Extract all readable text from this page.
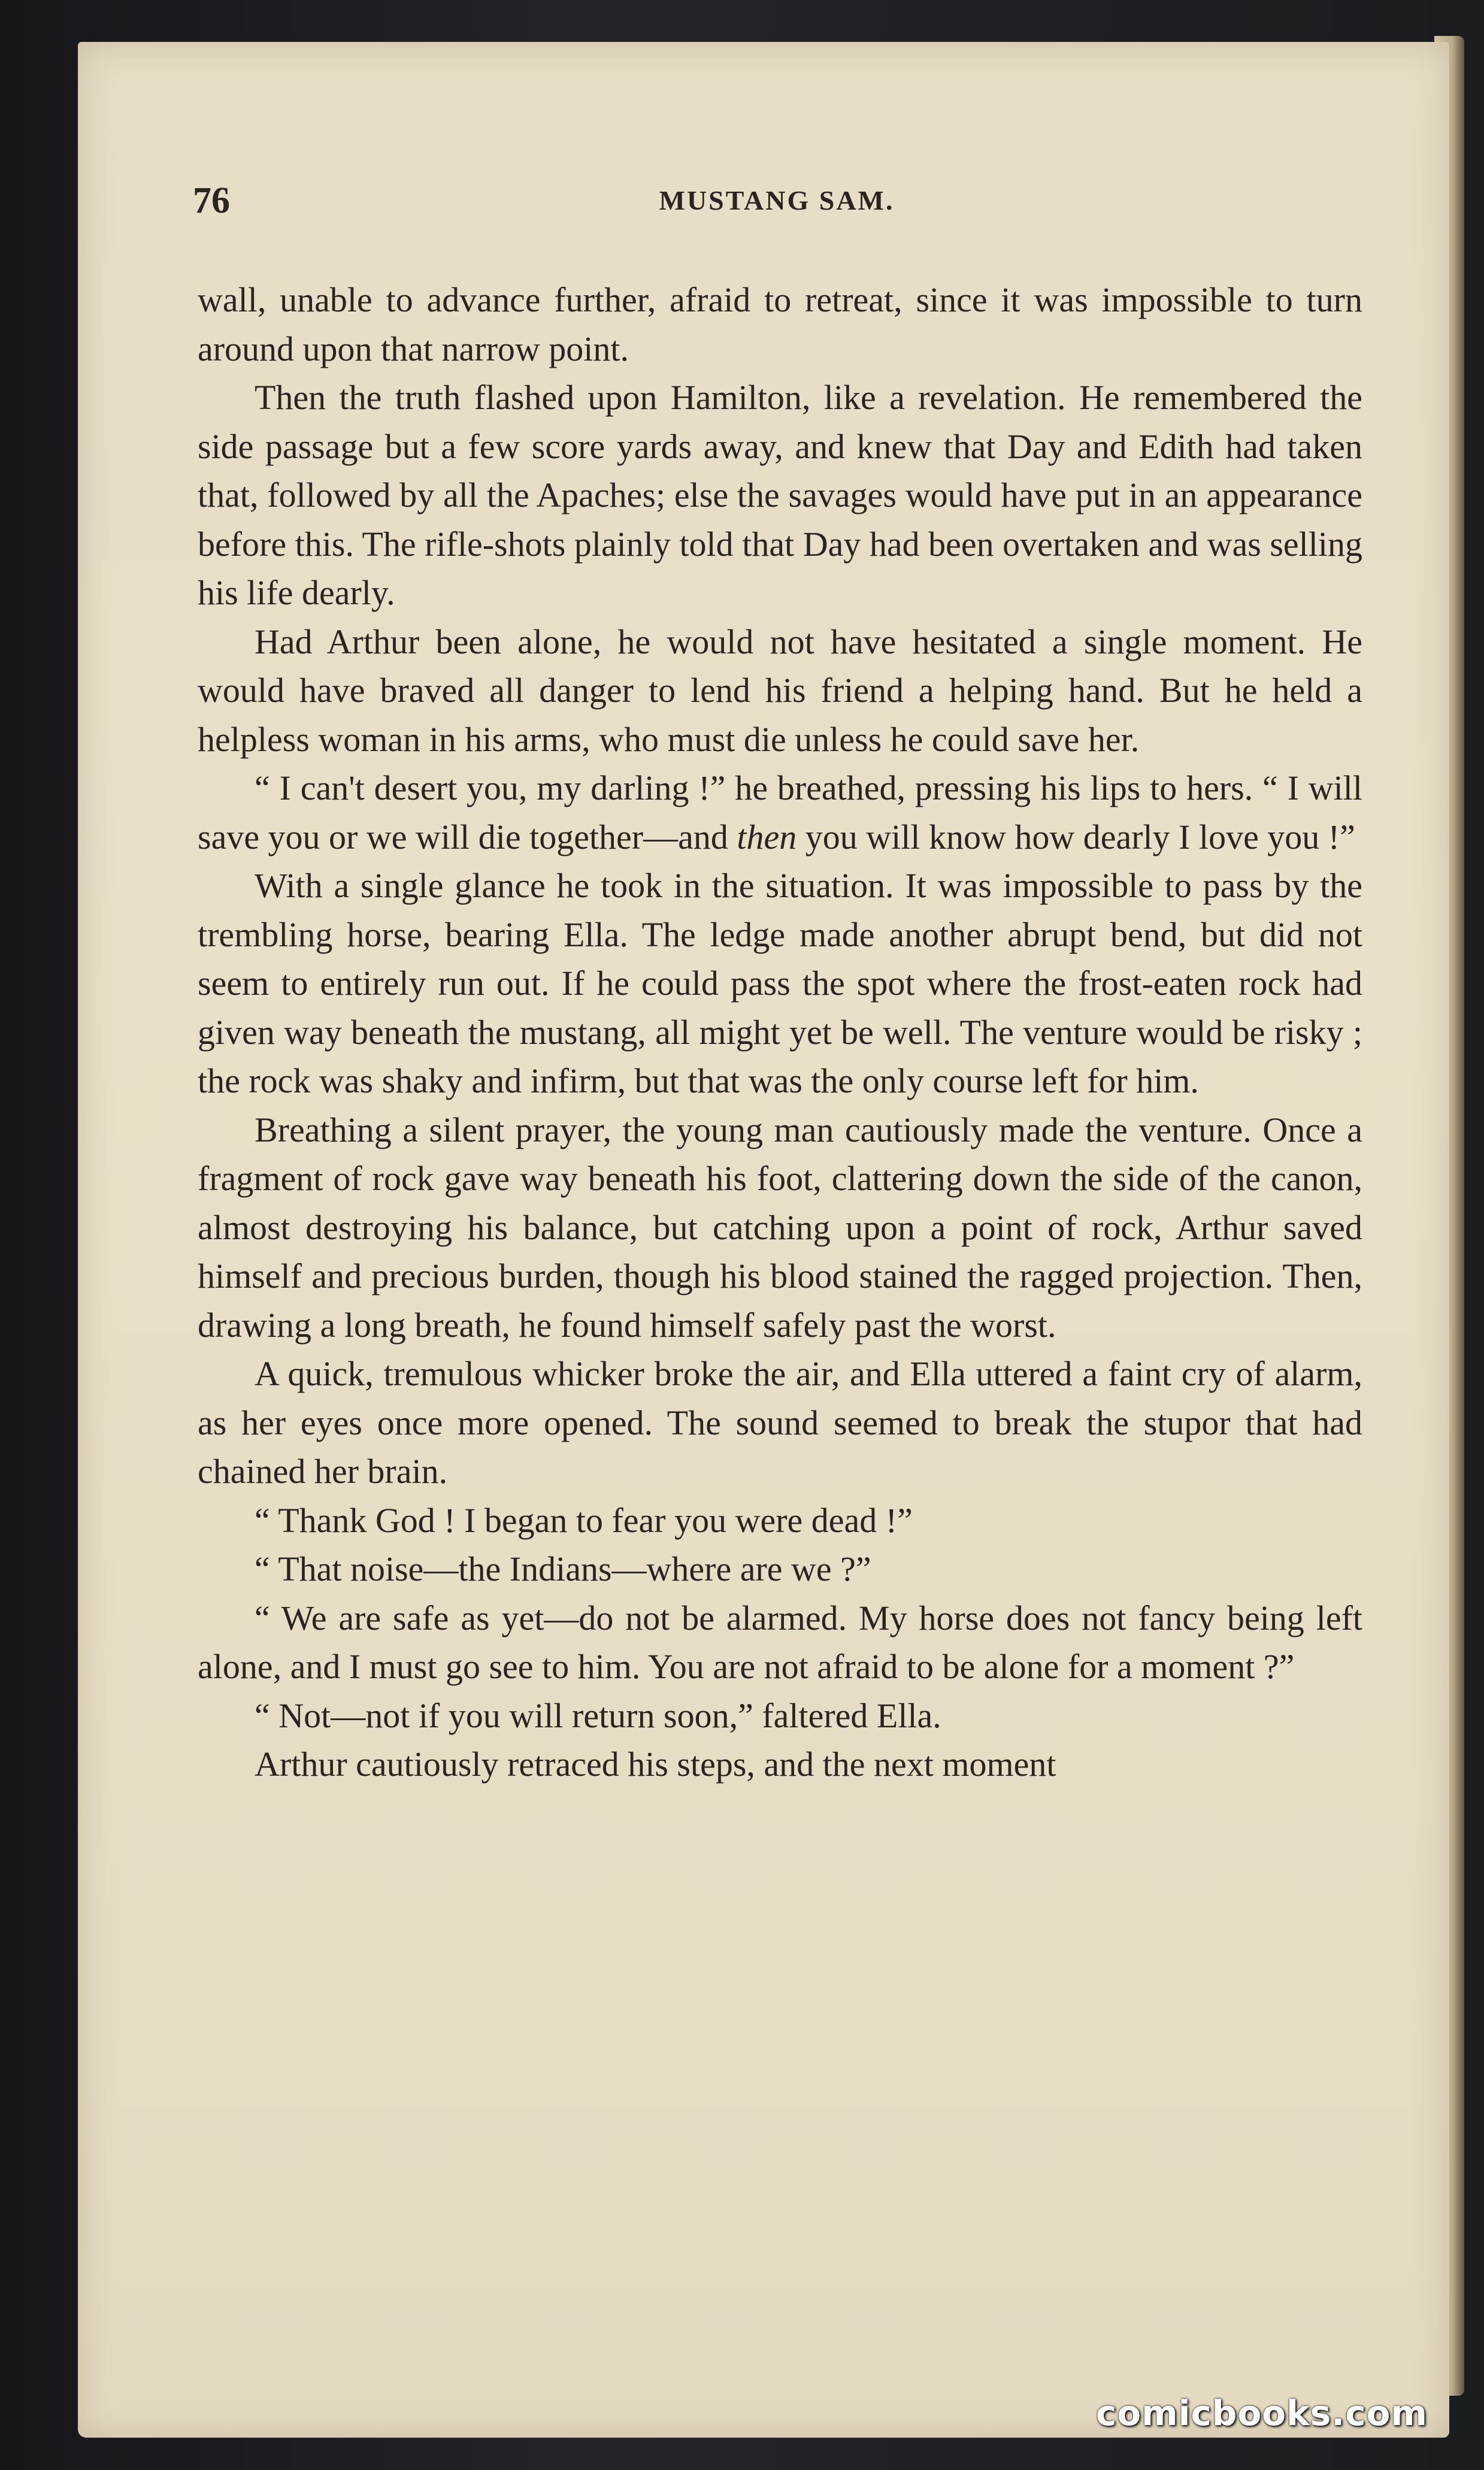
76	MUSTANG SAM.

wall, unable to advance further, afraid to retreat, since it was impossible to turn around upon that narrow point.

Then the truth flashed upon Hamilton, like a revelation. He remembered the side passage but a few score yards away, and knew that Day and Edith had taken that, followed by all the Apaches; else the savages would have put in an appearance before this. The rifle-shots plainly told that Day had been overtaken and was selling his life dearly.

Had Arthur been alone, he would not have hesitated a single moment. He would have braved all danger to lend his friend a helping hand. But he held a helpless woman in his arms, who must die unless he could save her.

“ I can't desert you, my darling !” he breathed, pressing his lips to hers. “ I will save you or we will die together—and then you will know how dearly I love you !”

With a single glance he took in the situation. It was impossible to pass by the trembling horse, bearing Ella. The ledge made another abrupt bend, but did not seem to entirely run out. If he could pass the spot where the frost-eaten rock had given way beneath the mustang, all might yet be well. The venture would be risky ; the rock was shaky and infirm, but that was the only course left for him.

Breathing a silent prayer, the young man cautiously made the venture. Once a fragment of rock gave way beneath his foot, clattering down the side of the canon, almost destroying his balance, but catching upon a point of rock, Arthur saved himself and precious burden, though his blood stained the ragged projection. Then, drawing a long breath, he found himself safely past the worst.

A quick, tremulous whicker broke the air, and Ella uttered a faint cry of alarm, as her eyes once more opened. The sound seemed to break the stupor that had chained her brain.

“ Thank God ! I began to fear you were dead !”

“ That noise—the Indians—where are we ?”

“ We are safe as yet—do not be alarmed. My horse does not fancy being left alone, and I must go see to him. You are not afraid to be alone for a moment ?”

“ Not—not if you will return soon,” faltered Ella.

Arthur cautiously retraced his steps, and the next moment

comicbooks.com
